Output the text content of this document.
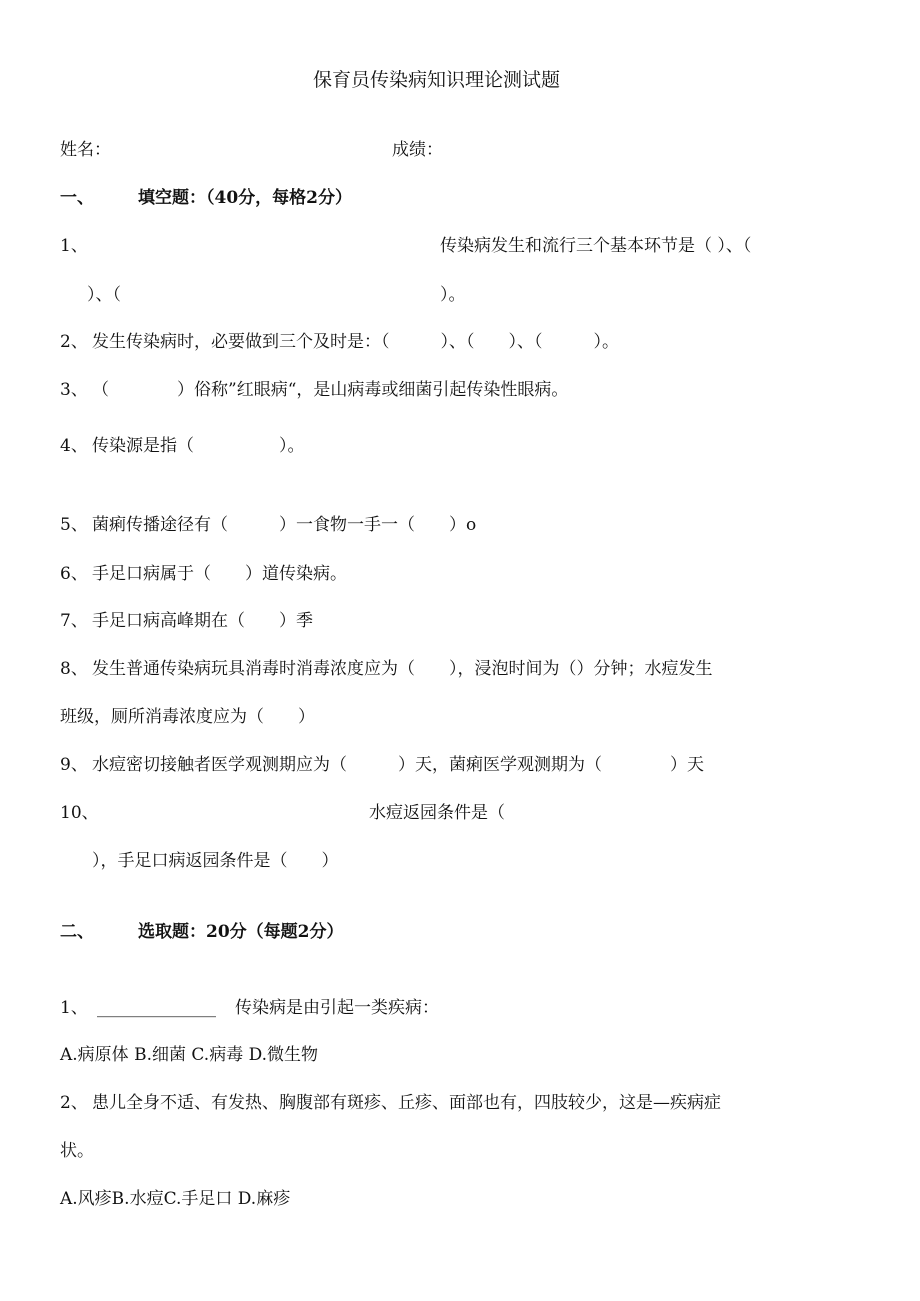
保育员传染病知识理论测试题
姓名：	成绩：
一、	填空题：（40分，每格2分）
1、	传染病发生和流行三个基本环节是（ ）、（
）、（	）。
2、 发生传染病时，必要做到三个及时是：（　　　）、（　　）、（　　　）。
3、 （　　　　）俗称”红眼病“，是山病毒或细菌引起传染性眼病。
4、 传染源是指（　　　　　）。
5、 菌痢传播途径有（　　　）一食物一手一（　　）o
6、 手足口病属于（　　）道传染病。
7、 手足口病高峰期在（　　）季
8、 发生普通传染病玩具消毒时消毒浓度应为（　　），浸泡时间为（）分钟；水痘发生
班级，厕所消毒浓度应为（　　）
9、 水痘密切接触者医学观测期应为（　　　）天，菌痢医学观测期为（　　　　）天
10、	水痘返园条件是（
），手足口病返园条件是（　　）
二、	选取题：20分（每题2分）
1、 ______________ 传染病是由引起一类疾病：
A.病原体 B.细菌 C.病毒 D.微生物
2、 患儿全身不适、有发热、胸腹部有斑疹、丘疹、面部也有，四肢较少，这是—疾病症
状。
A.风疹B.水痘C.手足口 D.麻疹
